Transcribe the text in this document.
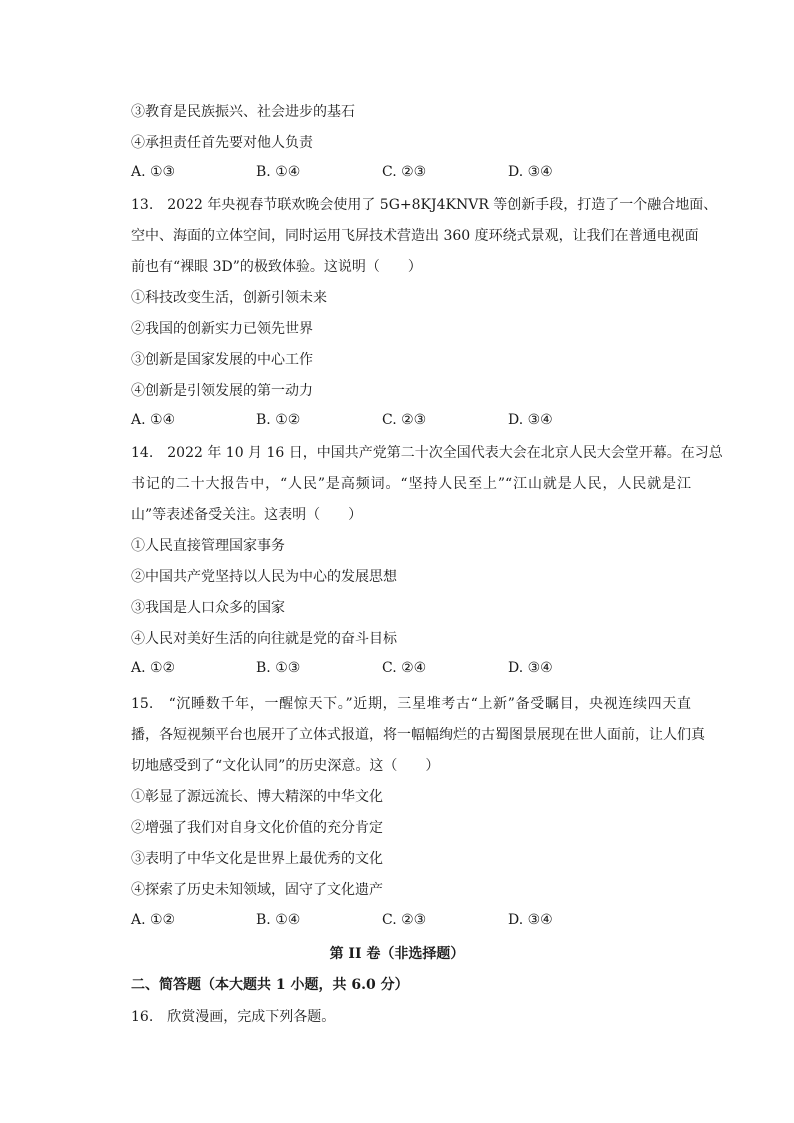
③教育是民族振兴、社会进步的基石
④承担责任首先要对他人负责
A. ①③	B. ①④	C. ②③	D. ③④
13.　2022 年央视春节联欢晚会使用了 5G+8KJ4KNVR 等创新手段，打造了一个融合地面、
空中、海面的立体空间，同时运用飞屏技术营造出 360 度环绕式景观，让我们在普通电视面
前也有“裸眼 3D”的极致体验。这说明（　　）
①科技改变生活，创新引领未来
②我国的创新实力已领先世界
③创新是国家发展的中心工作
④创新是引领发展的第一动力
A. ①④	B. ①②	C. ②③	D. ③④
14.　2022 年 10 月 16 日，中国共产党第二十次全国代表大会在北京人民大会堂开幕。在习总
书记的二十大报告中，“人民”是高频词。“坚持人民至上”“江山就是人民，人民就是江
山”等表述备受关注。这表明（　　）
①人民直接管理国家事务
②中国共产党坚持以人民为中心的发展思想
③我国是人口众多的国家
④人民对美好生活的向往就是党的奋斗目标
A. ①②	B. ①③	C. ②④	D. ③④
15.　“沉睡数千年，一醒惊天下。”近期，三星堆考古“上新”备受瞩目，央视连续四天直
播，各短视频平台也展开了立体式报道，将一幅幅绚烂的古蜀图景展现在世人面前，让人们真
切地感受到了“文化认同”的历史深意。这（　　）
①彰显了源远流长、博大精深的中华文化
②增强了我们对自身文化价值的充分肯定
③表明了中华文化是世界上最优秀的文化
④探索了历史未知领域，固守了文化遗产
A. ①②	B. ①④	C. ②③	D. ③④
第 II 卷（非选择题）
二、简答题（本大题共 1 小题，共 6.0 分）
16.　欣赏漫画，完成下列各题。
